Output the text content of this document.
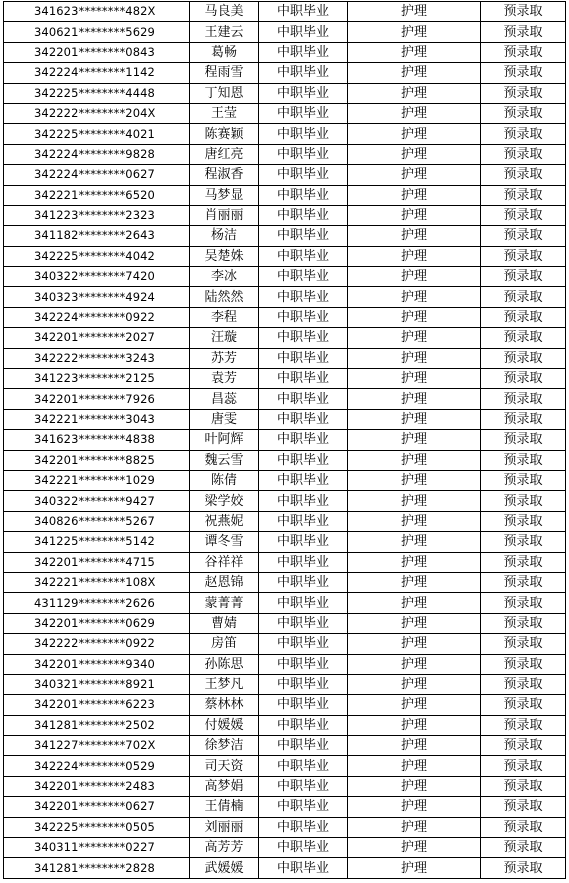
341623********482X	马良美	中职毕业	护理	预录取
340621********5629	王建云	中职毕业	护理	预录取
342201********0843	葛畅	中职毕业	护理	预录取
342224********1142	程雨雪	中职毕业	护理	预录取
342225********4448	丁知恩	中职毕业	护理	预录取
342222********204X	王莹	中职毕业	护理	预录取
342225********4021	陈赛颖	中职毕业	护理	预录取
342224********9828	唐红亮	中职毕业	护理	预录取
342224********0627	程淑香	中职毕业	护理	预录取
342221********6520	马梦显	中职毕业	护理	预录取
341223********2323	肖丽丽	中职毕业	护理	预录取
341182********2643	杨洁	中职毕业	护理	预录取
342225********4042	吴楚姝	中职毕业	护理	预录取
340322********7420	李冰	中职毕业	护理	预录取
340323********4924	陆然然	中职毕业	护理	预录取
342224********0922	李程	中职毕业	护理	预录取
342201********2027	汪璇	中职毕业	护理	预录取
342222********3243	苏芳	中职毕业	护理	预录取
341223********2125	袁芳	中职毕业	护理	预录取
342201********7926	昌蕊	中职毕业	护理	预录取
342221********3043	唐雯	中职毕业	护理	预录取
341623********4838	叶阿辉	中职毕业	护理	预录取
342201********8825	魏云雪	中职毕业	护理	预录取
342221********1029	陈倩	中职毕业	护理	预录取
340322********9427	梁学姣	中职毕业	护理	预录取
340826********5267	祝燕妮	中职毕业	护理	预录取
341225********5142	谭冬雪	中职毕业	护理	预录取
342201********4715	谷祥祥	中职毕业	护理	预录取
342221********108X	赵恩锦	中职毕业	护理	预录取
431129********2626	蒙菁菁	中职毕业	护理	预录取
342201********0629	曹婧	中职毕业	护理	预录取
342222********0922	房笛	中职毕业	护理	预录取
342201********9340	孙陈思	中职毕业	护理	预录取
340321********8921	王梦凡	中职毕业	护理	预录取
342201********6223	蔡林林	中职毕业	护理	预录取
341281********2502	付媛媛	中职毕业	护理	预录取
341227********702X	徐梦洁	中职毕业	护理	预录取
342224********0529	司天资	中职毕业	护理	预录取
342201********2483	高梦娟	中职毕业	护理	预录取
342201********0627	王倩楠	中职毕业	护理	预录取
342225********0505	刘丽丽	中职毕业	护理	预录取
340311********0227	高芳芳	中职毕业	护理	预录取
341281********2828	武媛媛	中职毕业	护理	预录取
